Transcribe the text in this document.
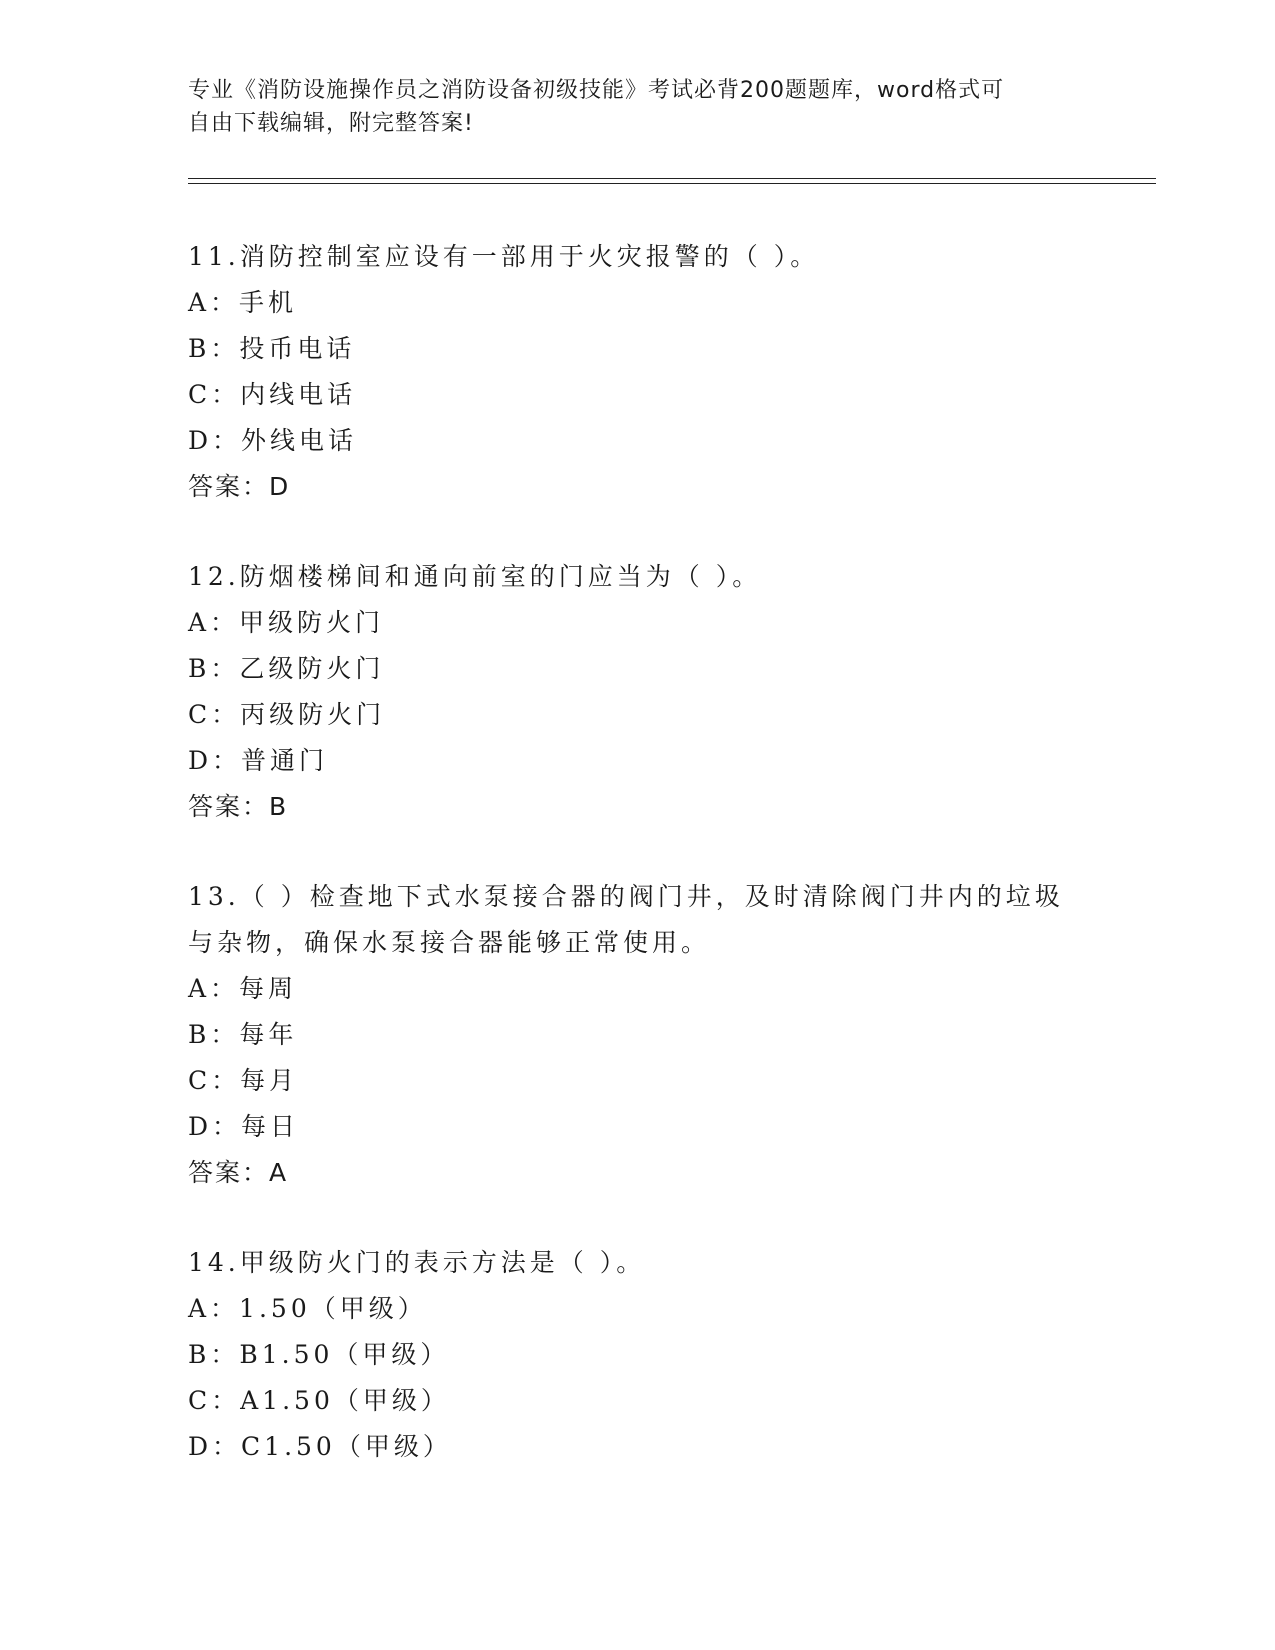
专业《消防设施操作员之消防设备初级技能》考试必背200题题库，word格式可
自由下载编辑，附完整答案!

11.消防控制室应设有一部用于火灾报警的（ ）。

A：手机

B：投币电话

C：内线电话

D：外线电话

答案：D

12.防烟楼梯间和通向前室的门应当为（ ）。

A：甲级防火门

B：乙级防火门

C：丙级防火门

D：普通门

答案：B

13.（ ）检查地下式水泵接合器的阀门井，及时清除阀门井内的垃圾

与杂物，确保水泵接合器能够正常使用。

A：每周

B：每年

C：每月

D：每日

答案：A

14.甲级防火门的表示方法是（ ）。

A：1.50（甲级）

B：B1.50（甲级）

C：A1.50（甲级）

D：C1.50（甲级）
